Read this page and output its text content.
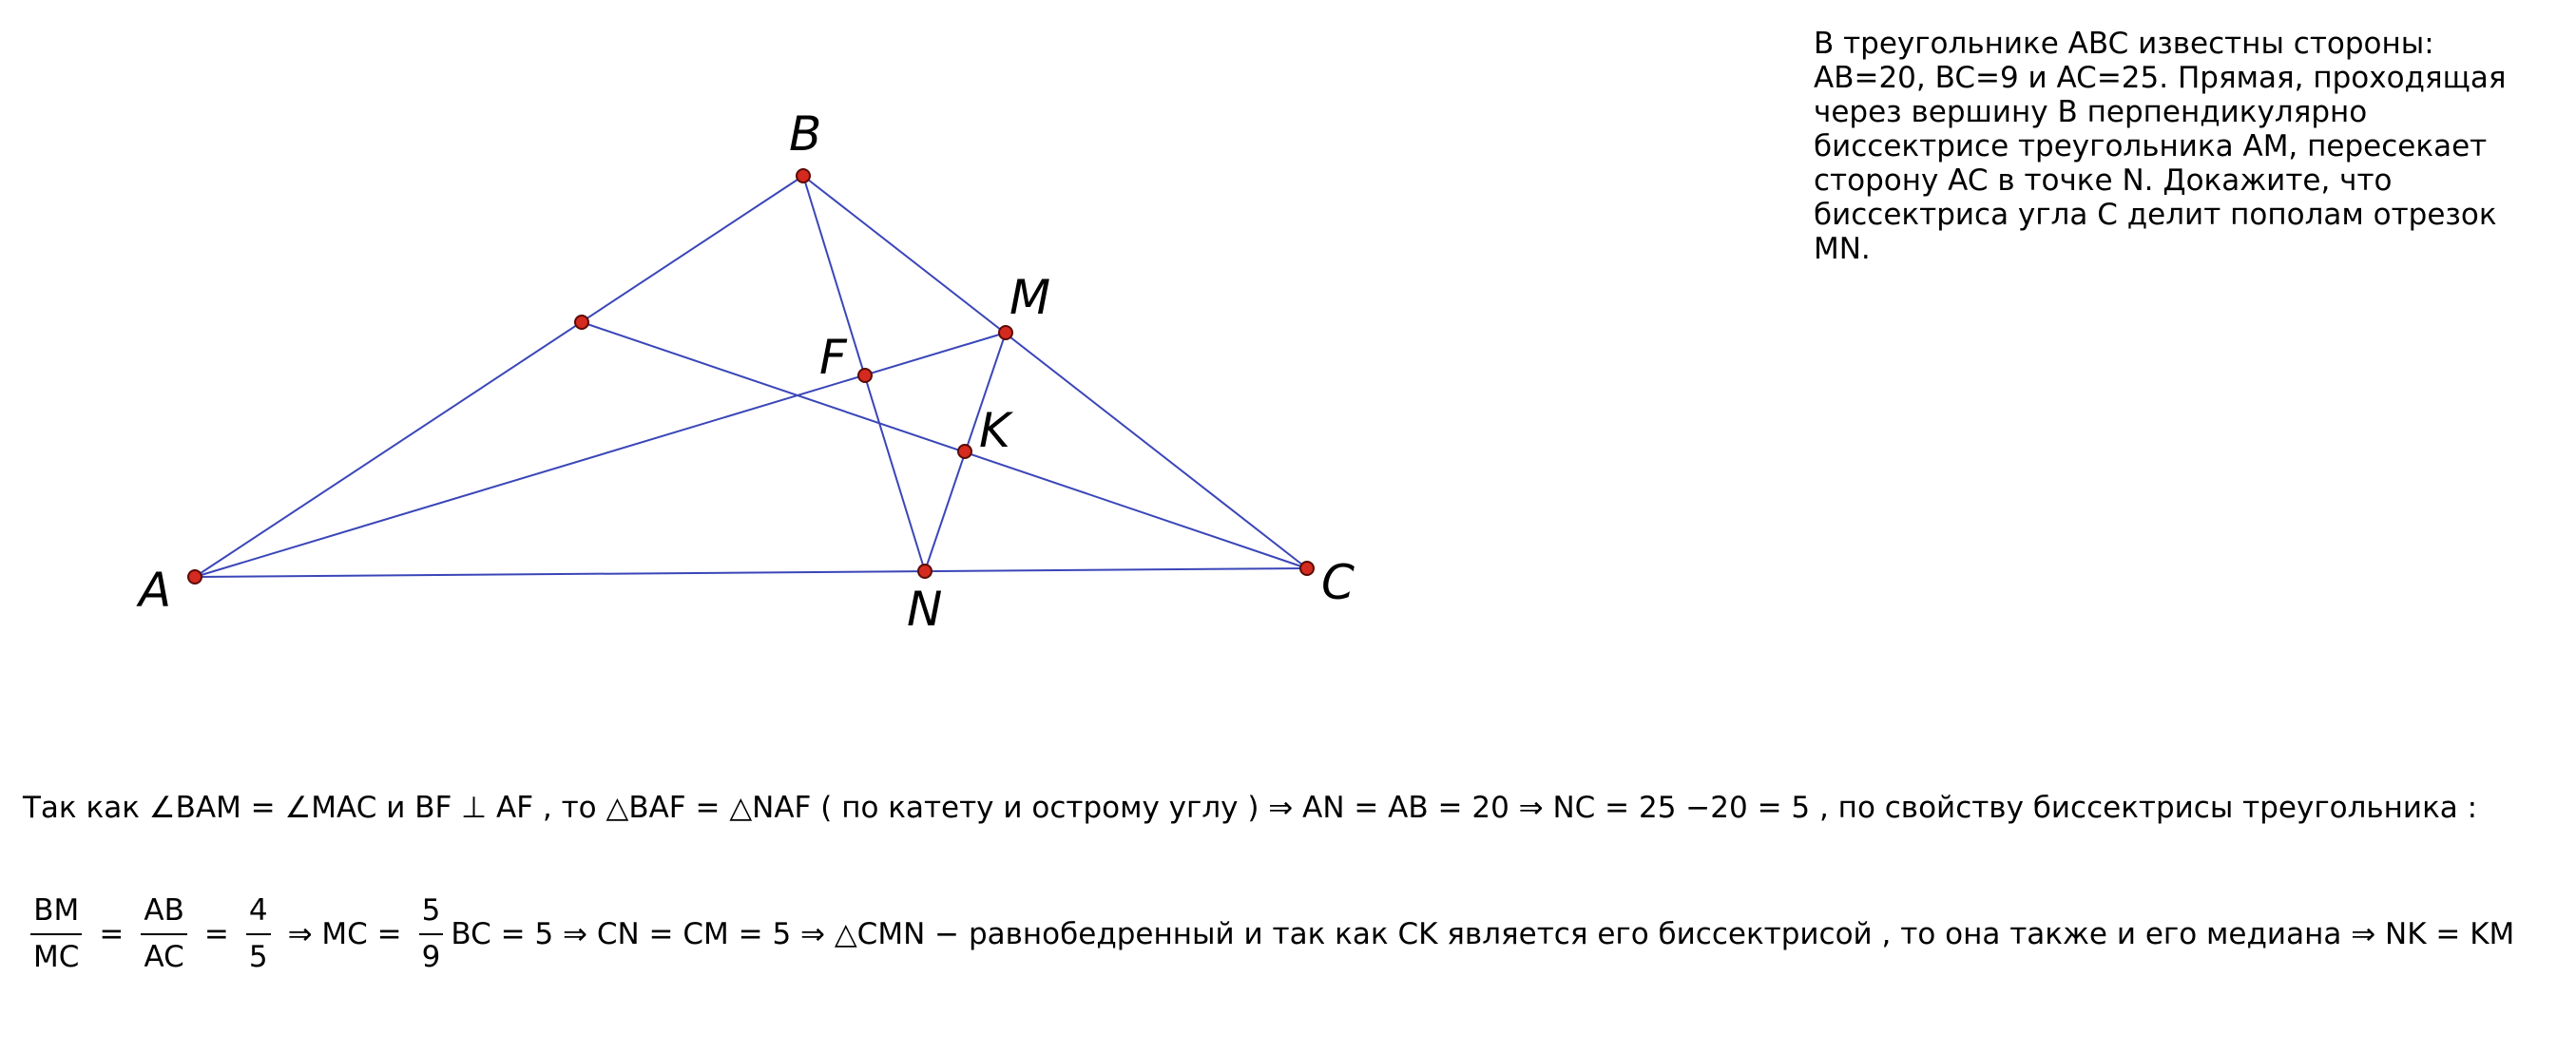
A
B
C
M
F
K
N
В треугольнике ABC известны стороны:
AB=20, BC=9 и AC=25. Прямая, проходящая
через вершину B перпендикулярно
биссектрисе треугольника AM, пересекает
сторону AC в точке N. Докажите, что
биссектриса угла C делит пополам отрезок
MN.
Так как ∠BAM = ∠MAC и BF ⊥ AF , то △BAF = △NAF ( по катету и острому углу ) ⇒ AN = AB = 20 ⇒ NC = 25 −20 = 5 , по свойству биссектрисы треугольника :
$\frac{BM}{MC} = \frac{AB}{AC} = \frac{4}{5}$ ⇒ MC = $\frac{5}{9}$ BC = 5 ⇒ CN = CM = 5 ⇒ △CMN − равнобедренный и так как CK является его биссектрисой , то она также и его медиана ⇒ NK = KM
